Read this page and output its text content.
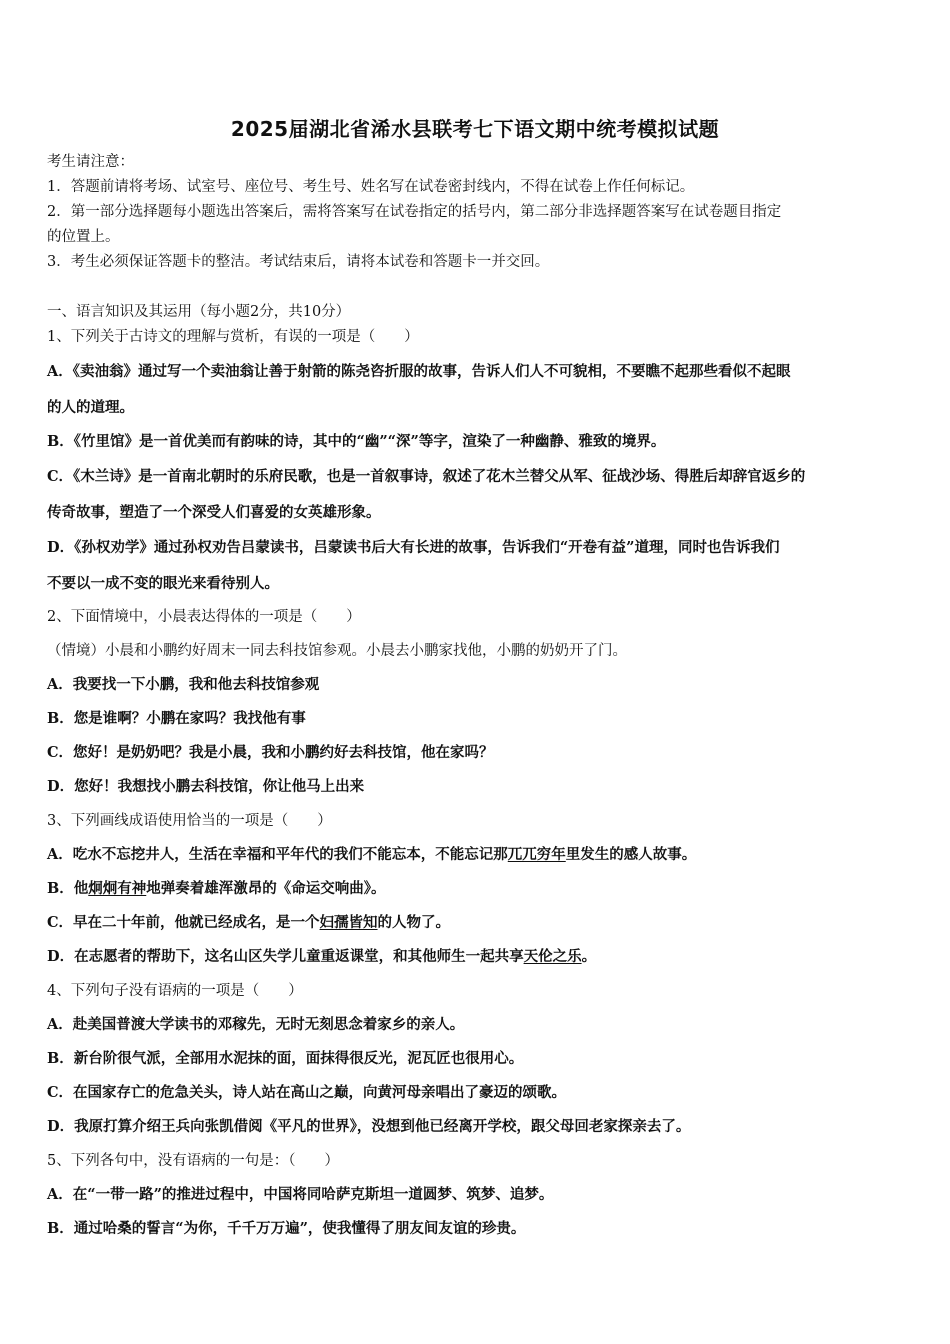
2025届湖北省浠水县联考七下语文期中统考模拟试题
考生请注意：
1．答题前请将考场、试室号、座位号、考生号、姓名写在试卷密封线内，不得在试卷上作任何标记。
2．第一部分选择题每小题选出答案后，需将答案写在试卷指定的括号内，第二部分非选择题答案写在试卷题目指定
的位置上。
3．考生必须保证答题卡的整洁。考试结束后，请将本试卷和答题卡一并交回。
一、语言知识及其运用（每小题2分，共10分）
1、下列关于古诗文的理解与赏析，有误的一项是（　　）
A．《卖油翁》通过写一个卖油翁让善于射箭的陈尧咨折服的故事，告诉人们人不可貌相，不要瞧不起那些看似不起眼
的人的道理。
B．《竹里馆》是一首优美而有韵味的诗，其中的“幽”“深”等字，渲染了一种幽静、雅致的境界。
C．《木兰诗》是一首南北朝时的乐府民歌，也是一首叙事诗，叙述了花木兰替父从军、征战沙场、得胜后却辞官返乡的
传奇故事，塑造了一个深受人们喜爱的女英雄形象。
D．《孙权劝学》通过孙权劝告吕蒙读书，吕蒙读书后大有长进的故事，告诉我们“开卷有益”道理，同时也告诉我们
不要以一成不变的眼光来看待别人。
2、下面情境中，小晨表达得体的一项是（　　）
（情境）小晨和小鹏约好周末一同去科技馆参观。小晨去小鹏家找他，小鹏的奶奶开了门。
A．我要找一下小鹏，我和他去科技馆参观
B．您是谁啊？小鹏在家吗？我找他有事
C．您好！是奶奶吧？我是小晨，我和小鹏约好去科技馆，他在家吗？
D．您好！我想找小鹏去科技馆，你让他马上出来
3、下列画线成语使用恰当的一项是（　　）
A．吃水不忘挖井人，生活在幸福和平年代的我们不能忘本，不能忘记那兀兀穷年里发生的感人故事。
B．他炯炯有神地弹奏着雄浑激昂的《命运交响曲》。
C．早在二十年前，他就已经成名，是一个妇孺皆知的人物了。
D．在志愿者的帮助下，这名山区失学儿童重返课堂，和其他师生一起共享天伦之乐。
4、下列句子没有语病的一项是（　　）
A．赴美国普渡大学读书的邓稼先，无时无刻思念着家乡的亲人。
B．新台阶很气派，全部用水泥抹的面，面抹得很反光，泥瓦匠也很用心。
C．在国家存亡的危急关头，诗人站在高山之巅，向黄河母亲唱出了豪迈的颂歌。
D．我原打算介绍王兵向张凯借阅《平凡的世界》，没想到他已经离开学校，跟父母回老家探亲去了。
5、下列各句中，没有语病的一句是：（　　）
A．在“一带一路”的推进过程中，中国将同哈萨克斯坦一道圆梦、筑梦、追梦。
B．通过哈桑的誓言“为你，千千万万遍”，使我懂得了朋友间友谊的珍贵。
